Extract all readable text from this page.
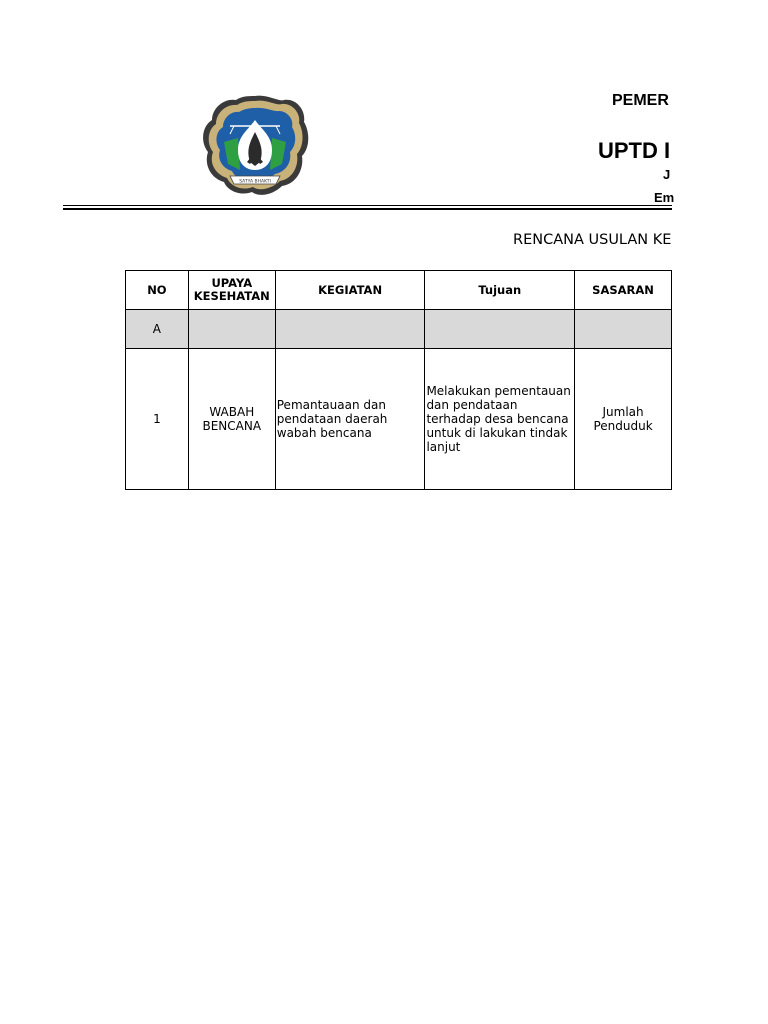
SATYA BHAKTI
PEMER
UPTD I
J
Em
RENCANA USULAN KE
NO	UPAYA KESEHATAN	KEGIATAN	Tujuan	SASARAN
A				
1	WABAH BENCANA	Pemantauaan dan pendataan daerah wabah bencana	Melakukan pementauan dan pendataan terhadap desa bencana untuk di lakukan tindak lanjut	Jumlah Penduduk
